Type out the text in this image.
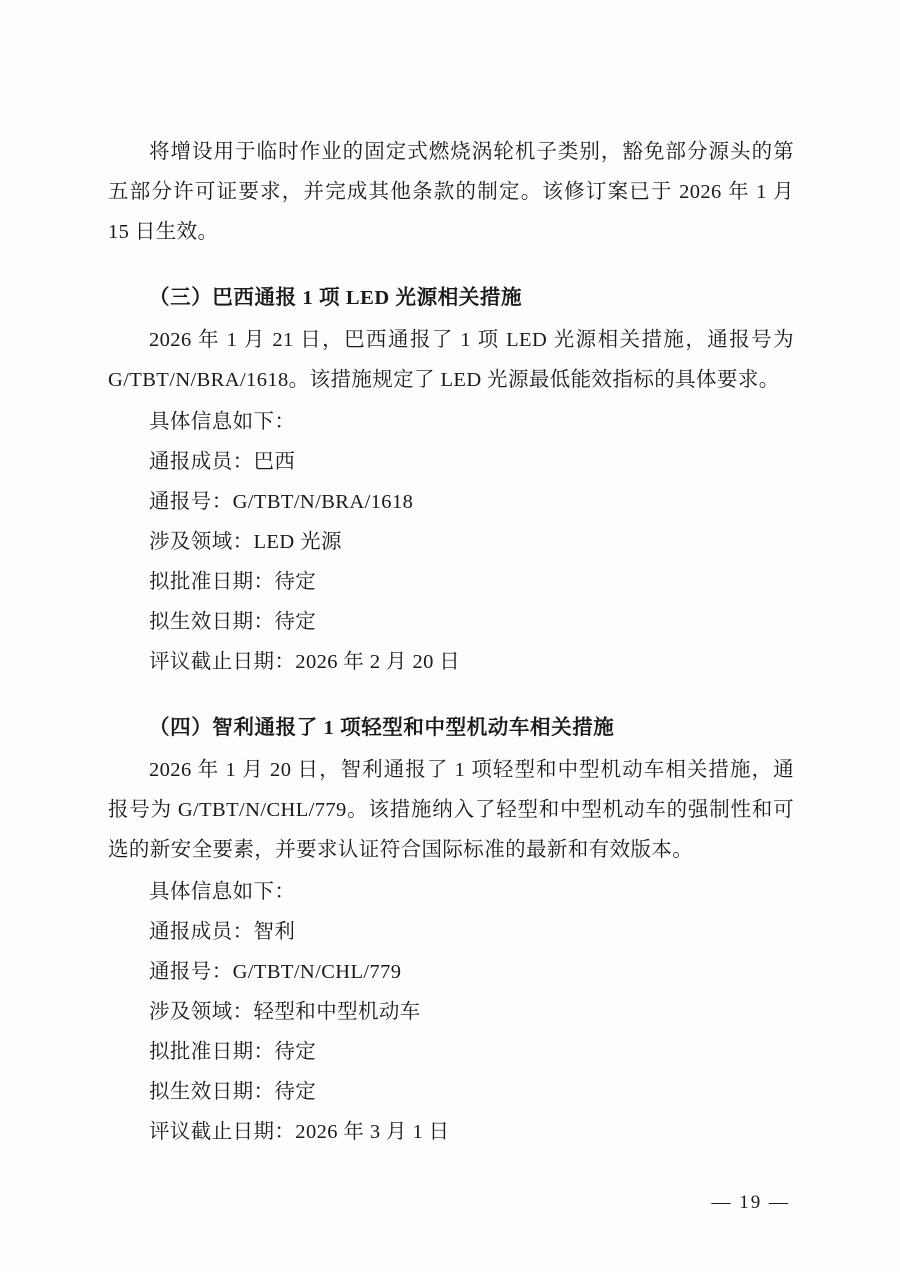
将增设用于临时作业的固定式燃烧涡轮机子类别，豁免部分源头的第五部分许可证要求，并完成其他条款的制定。该修订案已于 2026 年 1 月 15 日生效。

（三）巴西通报 1 项 LED 光源相关措施

2026 年 1 月 21 日，巴西通报了 1 项 LED 光源相关措施，通报号为 G/TBT/N/BRA/1618。该措施规定了 LED 光源最低能效指标的具体要求。

具体信息如下：

通报成员：巴西

通报号：G/TBT/N/BRA/1618

涉及领域：LED 光源

拟批准日期：待定

拟生效日期：待定

评议截止日期：2026 年 2 月 20 日

（四）智利通报了 1 项轻型和中型机动车相关措施

2026 年 1 月 20 日，智利通报了 1 项轻型和中型机动车相关措施，通报号为 G/TBT/N/CHL/779。该措施纳入了轻型和中型机动车的强制性和可选的新安全要素，并要求认证符合国际标准的最新和有效版本。

具体信息如下：

通报成员：智利

通报号：G/TBT/N/CHL/779

涉及领域：轻型和中型机动车

拟批准日期：待定

拟生效日期：待定

评议截止日期：2026 年 3 月 1 日

— 19 —
